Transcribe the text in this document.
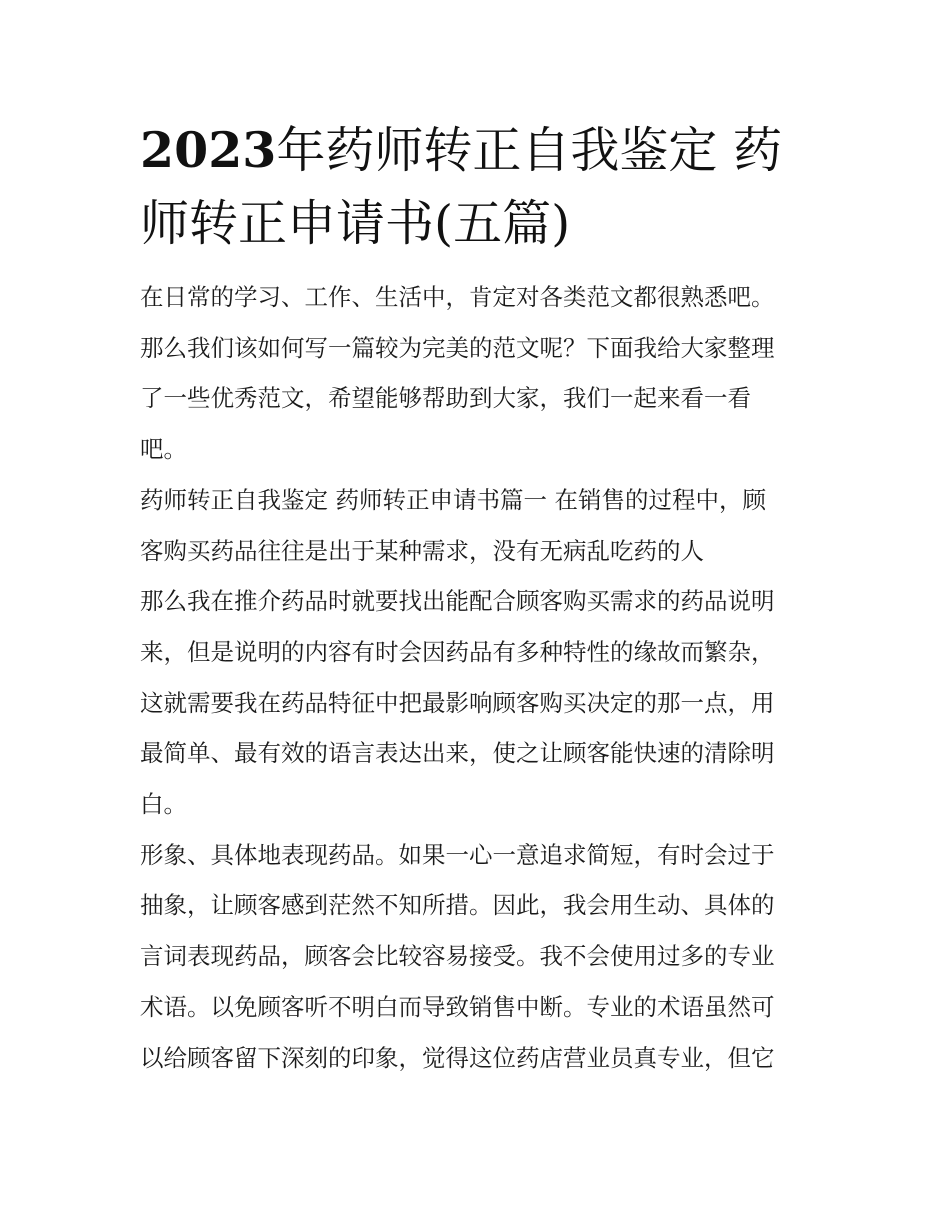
2023年药师转正自我鉴定 药
师转正申请书(五篇)
在日常的学习、工作、生活中，肯定对各类范文都很熟悉吧。
那么我们该如何写一篇较为完美的范文呢？下面我给大家整理
了一些优秀范文，希望能够帮助到大家，我们一起来看一看
吧。
药师转正自我鉴定 药师转正申请书篇一 在销售的过程中，顾
客购买药品往往是出于某种需求，没有无病乱吃药的人
那么我在推介药品时就要找出能配合顾客购买需求的药品说明
来，但是说明的内容有时会因药品有多种特性的缘故而繁杂，
这就需要我在药品特征中把最影响顾客购买决定的那一点，用
最简单、最有效的语言表达出来，使之让顾客能快速的清除明
白。
形象、具体地表现药品。如果一心一意追求简短，有时会过于
抽象，让顾客感到茫然不知所措。因此，我会用生动、具体的
言词表现药品，顾客会比较容易接受。我不会使用过多的专业
术语。以免顾客听不明白而导致销售中断。专业的术语虽然可
以给顾客留下深刻的印象，觉得这位药店营业员真专业，但它
